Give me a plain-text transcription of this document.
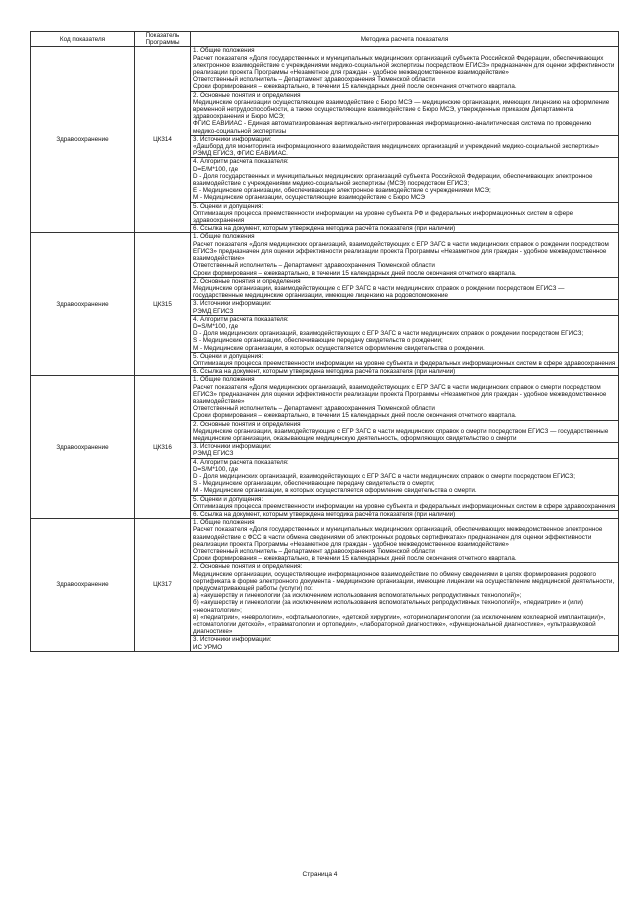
Код показателя	Показатель Программы	Методика расчета показателя
Здравоохранение	ЦК314	1. Общие положения
Расчет показателя «Доля государственных и муниципальных медицинских организаций субъекта Российской Федерации, обеспечивающих электронное взаимодействие с учреждениями медико-социальной экспертизы посредством ЕГИСЗ» предназначен для оценки эффективности реализации проекта Программы «Незаметное для граждан - удобное межведомственное взаимодействие»
Ответственный исполнитель – Департамент здравоохранения Тюменской области
Сроки формирования – ежеквартально, в течении 15 календарных дней после окончания отчетного квартала.

		2. Основные понятия и определения
Медицинские организации осуществляющие взаимодействие с Бюро МСЭ — медицинские организации, имеющих лицензию на оформление временной нетрудоспособности, а также осуществляющие взаимодействие с Бюро МСЭ, утвержденные приказом Департамента здравоохранения и Бюро МСЭ;
ФГИС ЕАВИИАС - Единая автоматизированная вертикально-интегрированная информационно-аналитическая система по проведению медико-социальной экспертизы

		3. Источники информации:
«Дашборд для мониторинга информационного взаимодействия медицинских организаций и учреждений медико-социальной экспертизы» РЭМД ЕГИСЗ, ФГИС ЕАВИИАС.

		4. Алгоритм расчета показателя:
D=E/M*100, где
D - Доля государственных и муниципальных медицинских организаций субъекта Российской Федерации, обеспечивающих электронное взаимодействие с учреждениями медико-социальной экспертизы (МСЭ) посредством ЕГИСЗ;
E - Медицинские организации, обеспечивающие электронное взаимодействие с учреждениями МСЭ;
M - Медицинские организации, осуществляющие взаимодействие с Бюро МСЭ

		5. Оценки и допущения:
Оптимизация процесса преемственности информации на уровне субъекта РФ и федеральных информационных систем в сфере здравоохранения

		6. Ссылка на документ, которым утверждена методика расчёта показателя (при наличии)

Здравоохранение	ЦК315	1. Общие положения
Расчет показателя «Доля медицинских организаций, взаимодействующих с ЕГР ЗАГС в части медицинских справок о рождении посредством ЕГИСЗ» предназначен для оценки эффективности реализации проекта Программы «Незаметное для граждан - удобное межведомственное взаимодействие»
Ответственный исполнитель – Департамент здравоохранения Тюменской области
Сроки формирования – ежеквартально, в течении 15 календарных дней после окончания отчетного квартала.

		2. Основные понятия и определения
Медицинские организации, взаимодействующие с ЕГР ЗАГС в части медицинских справок о рождении посредством ЕГИСЗ — государственные медицинские организации, имеющие лицензию на родовспоможение

		3. Источники информации:
РЭМД ЕГИСЗ

		4. Алгоритм расчета показателя:
D=S/M*100, где
D - Доля медицинских организаций, взаимодействующих с ЕГР ЗАГС в части медицинских справок о рождении посредством ЕГИСЗ;
S - Медицинские организации, обеспечивающие передачу свидетельств о рождении;
M - Медицинские организации, в которых осуществляется оформление свидетельства о рождении.

		5. Оценки и допущения:
Оптимизация процесса преемственности информации на уровне субъекта и федеральных информационных систем в сфере здравоохранения

		6. Ссылка на документ, которым утверждена методика расчёта показателя (при наличии)

Здравоохранение	ЦК316	1. Общие положения
Расчет показателя «Доля медицинских организаций, взаимодействующих с ЕГР ЗАГС в части медицинских справок о смерти посредством ЕГИСЗ» предназначен для оценки эффективности реализации проекта Программы «Незаметное для граждан - удобное межведомственное взаимодействие»
Ответственный исполнитель – Департамент здравоохранения Тюменской области
Сроки формирования – ежеквартально, в течении 15 календарных дней после окончания отчетного квартала.

		2. Основные понятия и определения
Медицинские организации, взаимодействующие с ЕГР ЗАГС в части медицинских справок о смерти посредством ЕГИСЗ — государственные медицинские организации, оказывающие медицинскую деятельность, оформляющих свидетельство о смерти

		3. Источники информации:
РЭМД ЕГИСЗ

		4. Алгоритм расчета показателя:
D=S/M*100, где
D - Доля медицинских организаций, взаимодействующих с ЕГР ЗАГС в части медицинских справок о смерти посредством ЕГИСЗ;
S - Медицинские организации, обеспечивающие передачу свидетельств о смерти;
M - Медицинские организации, в которых осуществляется оформление свидетельства о смерти.

		5. Оценки и допущения:
Оптимизация процесса преемственности информации на уровне субъекта и федеральных информационных систем в сфере здравоохранения

		6. Ссылка на документ, которым утверждена методика расчёта показателя (при наличии)

Здравоохранение	ЦК317	1. Общие положения
Расчет показателя «Доля государственных и муниципальных медицинских организаций, обеспечивающих межведомственное электронное взаимодействие с ФСС в части обмена сведениями об электронных родовых сертификатах» предназначен для оценки эффективности реализации проекта Программы «Незаметное для граждан - удобное межведомственное взаимодействие»
Ответственный исполнитель – Департамент здравоохранения Тюменской области
Сроки формирования – ежеквартально, в течении 15 календарных дней после окончания отчетного квартала.

		2. Основные понятия и определения:
Медицинские организации, осуществляющие информационное взаимодействие по обмену сведениями в целях формирования родового сертификата в форме электронного документа - медицинские организации, имеющие лицензии на осуществление медицинской деятельности, предусматривающей работы (услуги) по:
а) «акушерству и гинекологии (за исключением использования вспомогательных репродуктивных технологий)»;
б) «акушерству и гинекологии (за исключением использования вспомогательных репродуктивных технологий)», «педиатрии» и (или) «неонатологии»;
в) «педиатрии», «неврологии», «офтальмологии», «детской хирургии», «оториноларингологии (за исключением кохлеарной имплантации)», «стоматологии детской», «травматологии и ортопедии», «лабораторной диагностике», «функциональной диагностике», «ультразвуковой диагностике»

		3. Источники информации:
ИС УРМО
Страница 4
